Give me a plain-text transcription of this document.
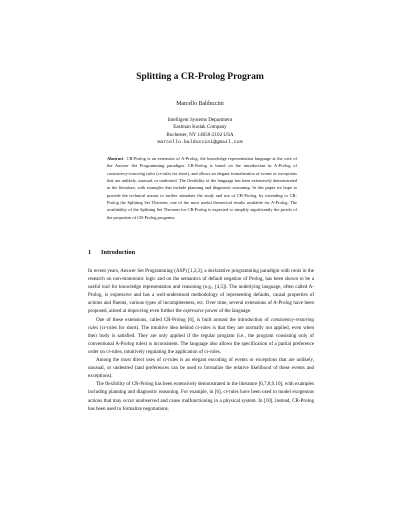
Splitting a CR-Prolog Program
Marcello Balduccini
Intelligent Systems Department
Eastman Kodak Company
Rochester, NY 14650-2102 USA
marcello.balduccini@gmail.com
Abstract CR-Prolog is an extension of A-Prolog, the knowledge representation language at the core of the Answer Set Programming paradigm. CR-Prolog is based on the introduction in A-Prolog of consistency-restoring rules (cr-rules for short), and allows an elegant formalization of events or exceptions that are unlikely, unusual, or undesired. The flexibility of the language has been extensively demonstrated in the literature, with examples that include planning and diagnostic reasoning. In this paper we hope to provide the technical means to further stimulate the study and use of CR-Prolog, by extending to CR-Prolog the Splitting Set Theorem, one of the most useful theoretical results available for A-Prolog. The availability of the Splitting Set Theorem for CR-Prolog is expected to simplify significantly the proofs of the properties of CR-Prolog programs.
1 Introduction

In recent years, Answer Set Programming (ASP) [1,2,3], a declarative programming paradigm with roots in the research on non-monotonic logic and on the semantics of default negation of Prolog, has been shown to be a useful tool for knowledge representation and reasoning (e.g., [4,5]). The underlying language, often called A-Prolog, is expressive and has a well-understood methodology of representing defaults, causal properties of actions and fluents, various types of incompleteness, etc. Over time, several extensions of A-Prolog have been proposed, aimed at improving even further the expressive power of the language.

One of these extensions, called CR-Prolog [6], is built around the introduction of consistency-restoring rules (cr-rules for short). The intuitive idea behind cr-rules is that they are normally not applied, even when their body is satisfied. They are only applied if the regular program (i.e., the program consisting only of conventional A-Prolog rules) is inconsistent. The language also allows the specification of a partial preference order on cr-rules, intuitively regulating the application of cr-rules.

Among the most direct uses of cr-rules is an elegant encoding of events or exceptions that are unlikely, unusual, or undesired (and preferences can be used to formalize the relative likelihood of these events and exceptions).

The flexibility of CR-Prolog has been extensively demonstrated in the literature [6,7,8,9,10], with examples including planning and diagnostic reasoning. For example, in [6], cr-rules have been used to model exogenous actions that may occur unobserved and cause malfunctioning in a physical system. In [10], instead, CR-Prolog has been used to formalize negotiations.
